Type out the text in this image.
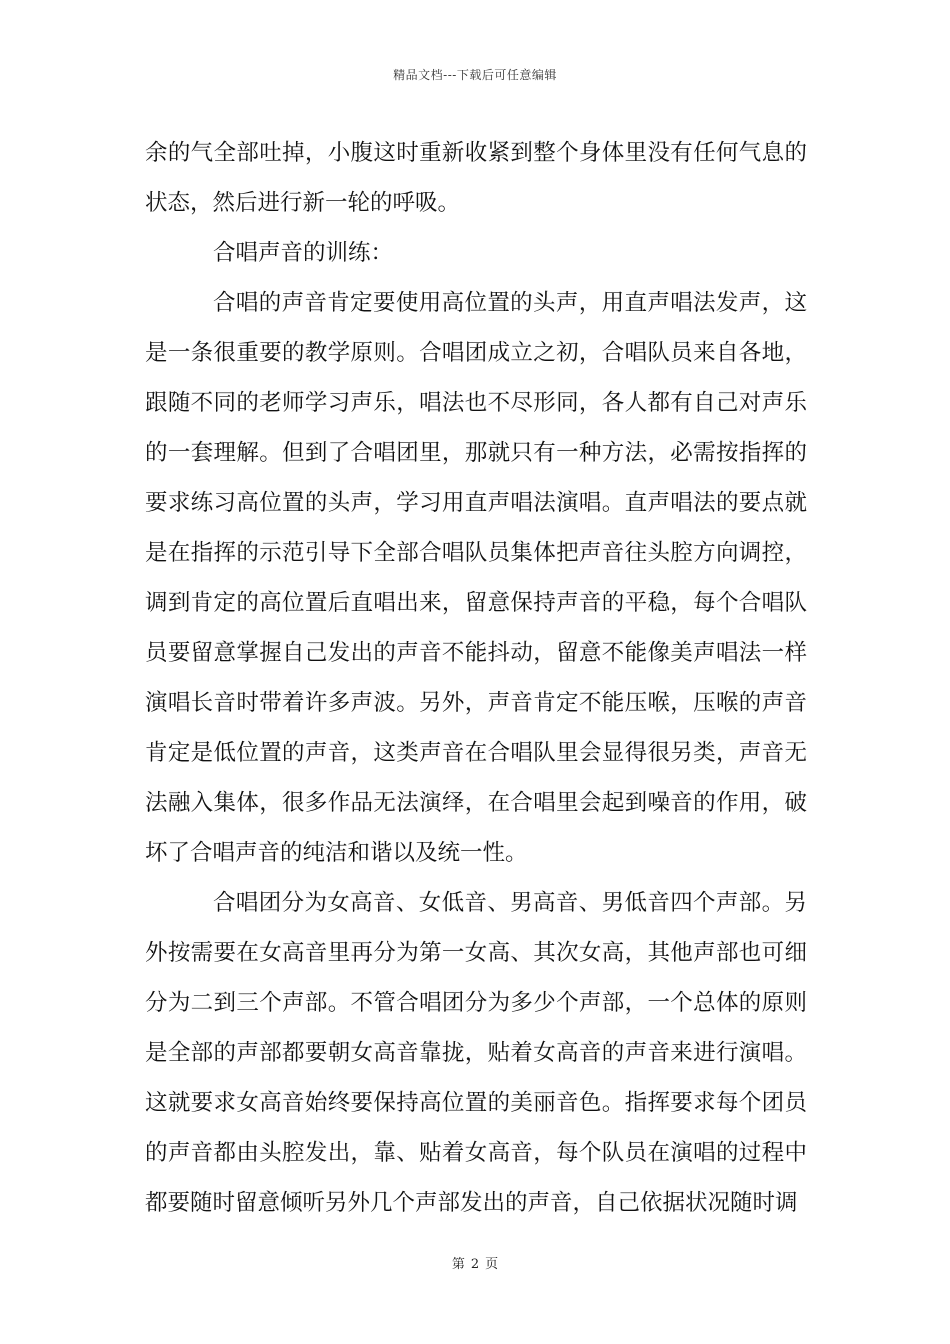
精品文档---下载后可任意编辑

余的气全部吐掉，小腹这时重新收紧到整个身体里没有任何气息的状态，然后进行新一轮的呼吸。

合唱声音的训练：

合唱的声音肯定要使用高位置的头声，用直声唱法发声，这是一条很重要的教学原则。合唱团成立之初，合唱队员来自各地，跟随不同的老师学习声乐，唱法也不尽形同，各人都有自己对声乐的一套理解。但到了合唱团里，那就只有一种方法，必需按指挥的要求练习高位置的头声，学习用直声唱法演唱。直声唱法的要点就是在指挥的示范引导下全部合唱队员集体把声音往头腔方向调控，调到肯定的高位置后直唱出来，留意保持声音的平稳，每个合唱队员要留意掌握自己发出的声音不能抖动，留意不能像美声唱法一样演唱长音时带着许多声波。另外，声音肯定不能压喉，压喉的声音肯定是低位置的声音，这类声音在合唱队里会显得很另类，声音无法融入集体，很多作品无法演绎，在合唱里会起到噪音的作用，破坏了合唱声音的纯洁和谐以及统一性。

合唱团分为女高音、女低音、男高音、男低音四个声部。另外按需要在女高音里再分为第一女高、其次女高，其他声部也可细分为二到三个声部。不管合唱团分为多少个声部，一个总体的原则是全部的声部都要朝女高音靠拢，贴着女高音的声音来进行演唱。这就要求女高音始终要保持高位置的美丽音色。指挥要求每个团员的声音都由头腔发出，靠、贴着女高音，每个队员在演唱的过程中都要随时留意倾听另外几个声部发出的声音，自己依据状况随时调

第 2 页
